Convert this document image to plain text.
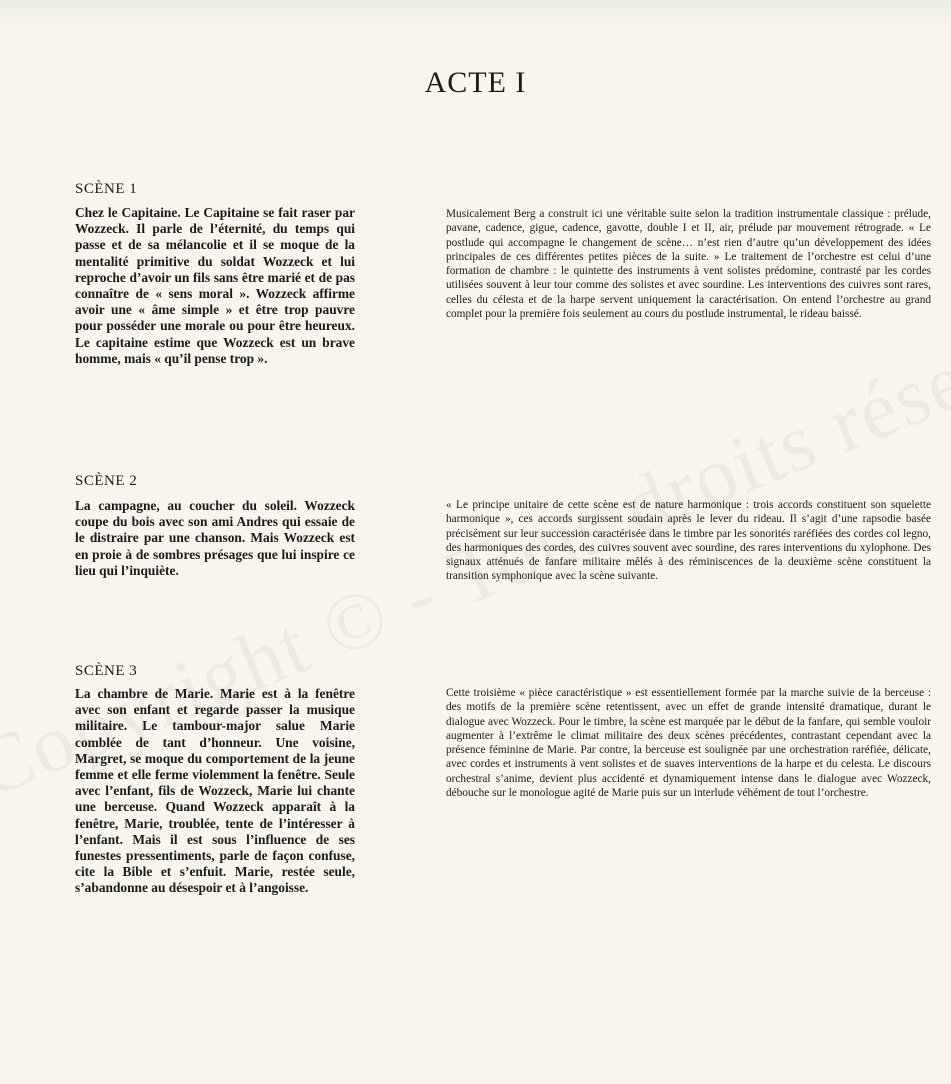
ACTE I
SCÈNE 1
Chez le Capitaine. Le Capitaine se fait raser par Wozzeck. Il parle de l’éternité, du temps qui passe et de sa mélancolie et il se moque de la mentalité primitive du soldat Wozzeck et lui reproche d’avoir un fils sans être marié et de pas connaître de « sens moral ». Wozzeck affirme avoir une « âme simple » et être trop pauvre pour posséder une morale ou pour être heureux. Le capitaine estime que Wozzeck est un brave homme, mais « qu’il pense trop ».
Musicalement Berg a construit ici une véritable suite selon la tradition instrumentale classique : prélude, pavane, cadence, gigue, cadence, gavotte, double I et II, air, prélude par mouvement rétrograde. « Le postlude qui accompagne le changement de scène… n’est rien d’autre qu’un développement des idées principales de ces différentes petites pièces de la suite. » Le traitement de l’orchestre est celui d’une formation de chambre : le quintette des instruments à vent solistes prédomine, contrasté par les cordes utilisées souvent à leur tour comme des solistes et avec sourdine. Les interventions des cuivres sont rares, celles du célesta et de la harpe servent uniquement la caractérisation. On entend l’orchestre au grand complet pour la première fois seulement au cours du postlude instrumental, le rideau baissé.
SCÈNE 2
La campagne, au coucher du soleil. Wozzeck coupe du bois avec son ami Andres qui essaie de le distraire par une chanson. Mais Wozzeck est en proie à de sombres présages que lui inspire ce lieu qui l’inquiète.
« Le principe unitaire de cette scène est de nature harmonique : trois accords constituent son squelette harmonique », ces accords surgissent soudain après le lever du rideau. Il s’agit d’une rapsodie basée précisément sur leur succession caractérisée dans le timbre par les sonorités raréfiées des cordes col legno, des harmoniques des cordes, des cuivres souvent avec sourdine, des rares interventions du xylophone. Des signaux atténués de fanfare militaire mêlés à des réminiscences de la deuxième scène constituent la transition symphonique avec la scène suivante.
SCÈNE 3
La chambre de Marie. Marie est à la fenêtre avec son enfant et regarde passer la musique militaire. Le tambour-major salue Marie comblée de tant d’honneur. Une voisine, Margret, se moque du comportement de la jeune femme et elle ferme violemment la fenêtre. Seule avec l’enfant, fils de Wozzeck, Marie lui chante une berceuse. Quand Wozzeck apparaît à la fenêtre, Marie, troublée, tente de l’intéresser à l’enfant. Mais il est sous l’influence de ses funestes pressentiments, parle de façon confuse, cite la Bible et s’enfuit. Marie, restée seule, s’abandonne au désespoir et à l’angoisse.
Cette troisième « pièce caractéristique » est essentiellement formée par la marche suivie de la berceuse : des motifs de la première scène retentissent, avec un effet de grande intensité dramatique, durant le dialogue avec Wozzeck. Pour le timbre, la scène est marquée par le début de la fanfare, qui semble vouloir augmenter à l’extrême le climat militaire des deux scènes précédentes, contrastant cependant avec la présence féminine de Marie. Par contre, la berceuse est soulignée par une orchestration raréfiée, délicate, avec cordes et instruments à vent solistes et de suaves interventions de la harpe et du celesta. Le discours orchestral s’anime, devient plus accidenté et dynamiquement intense dans le dialogue avec Wozzeck, débouche sur le monologue agité de Marie puis sur un interlude véhément de tout l’orchestre.
